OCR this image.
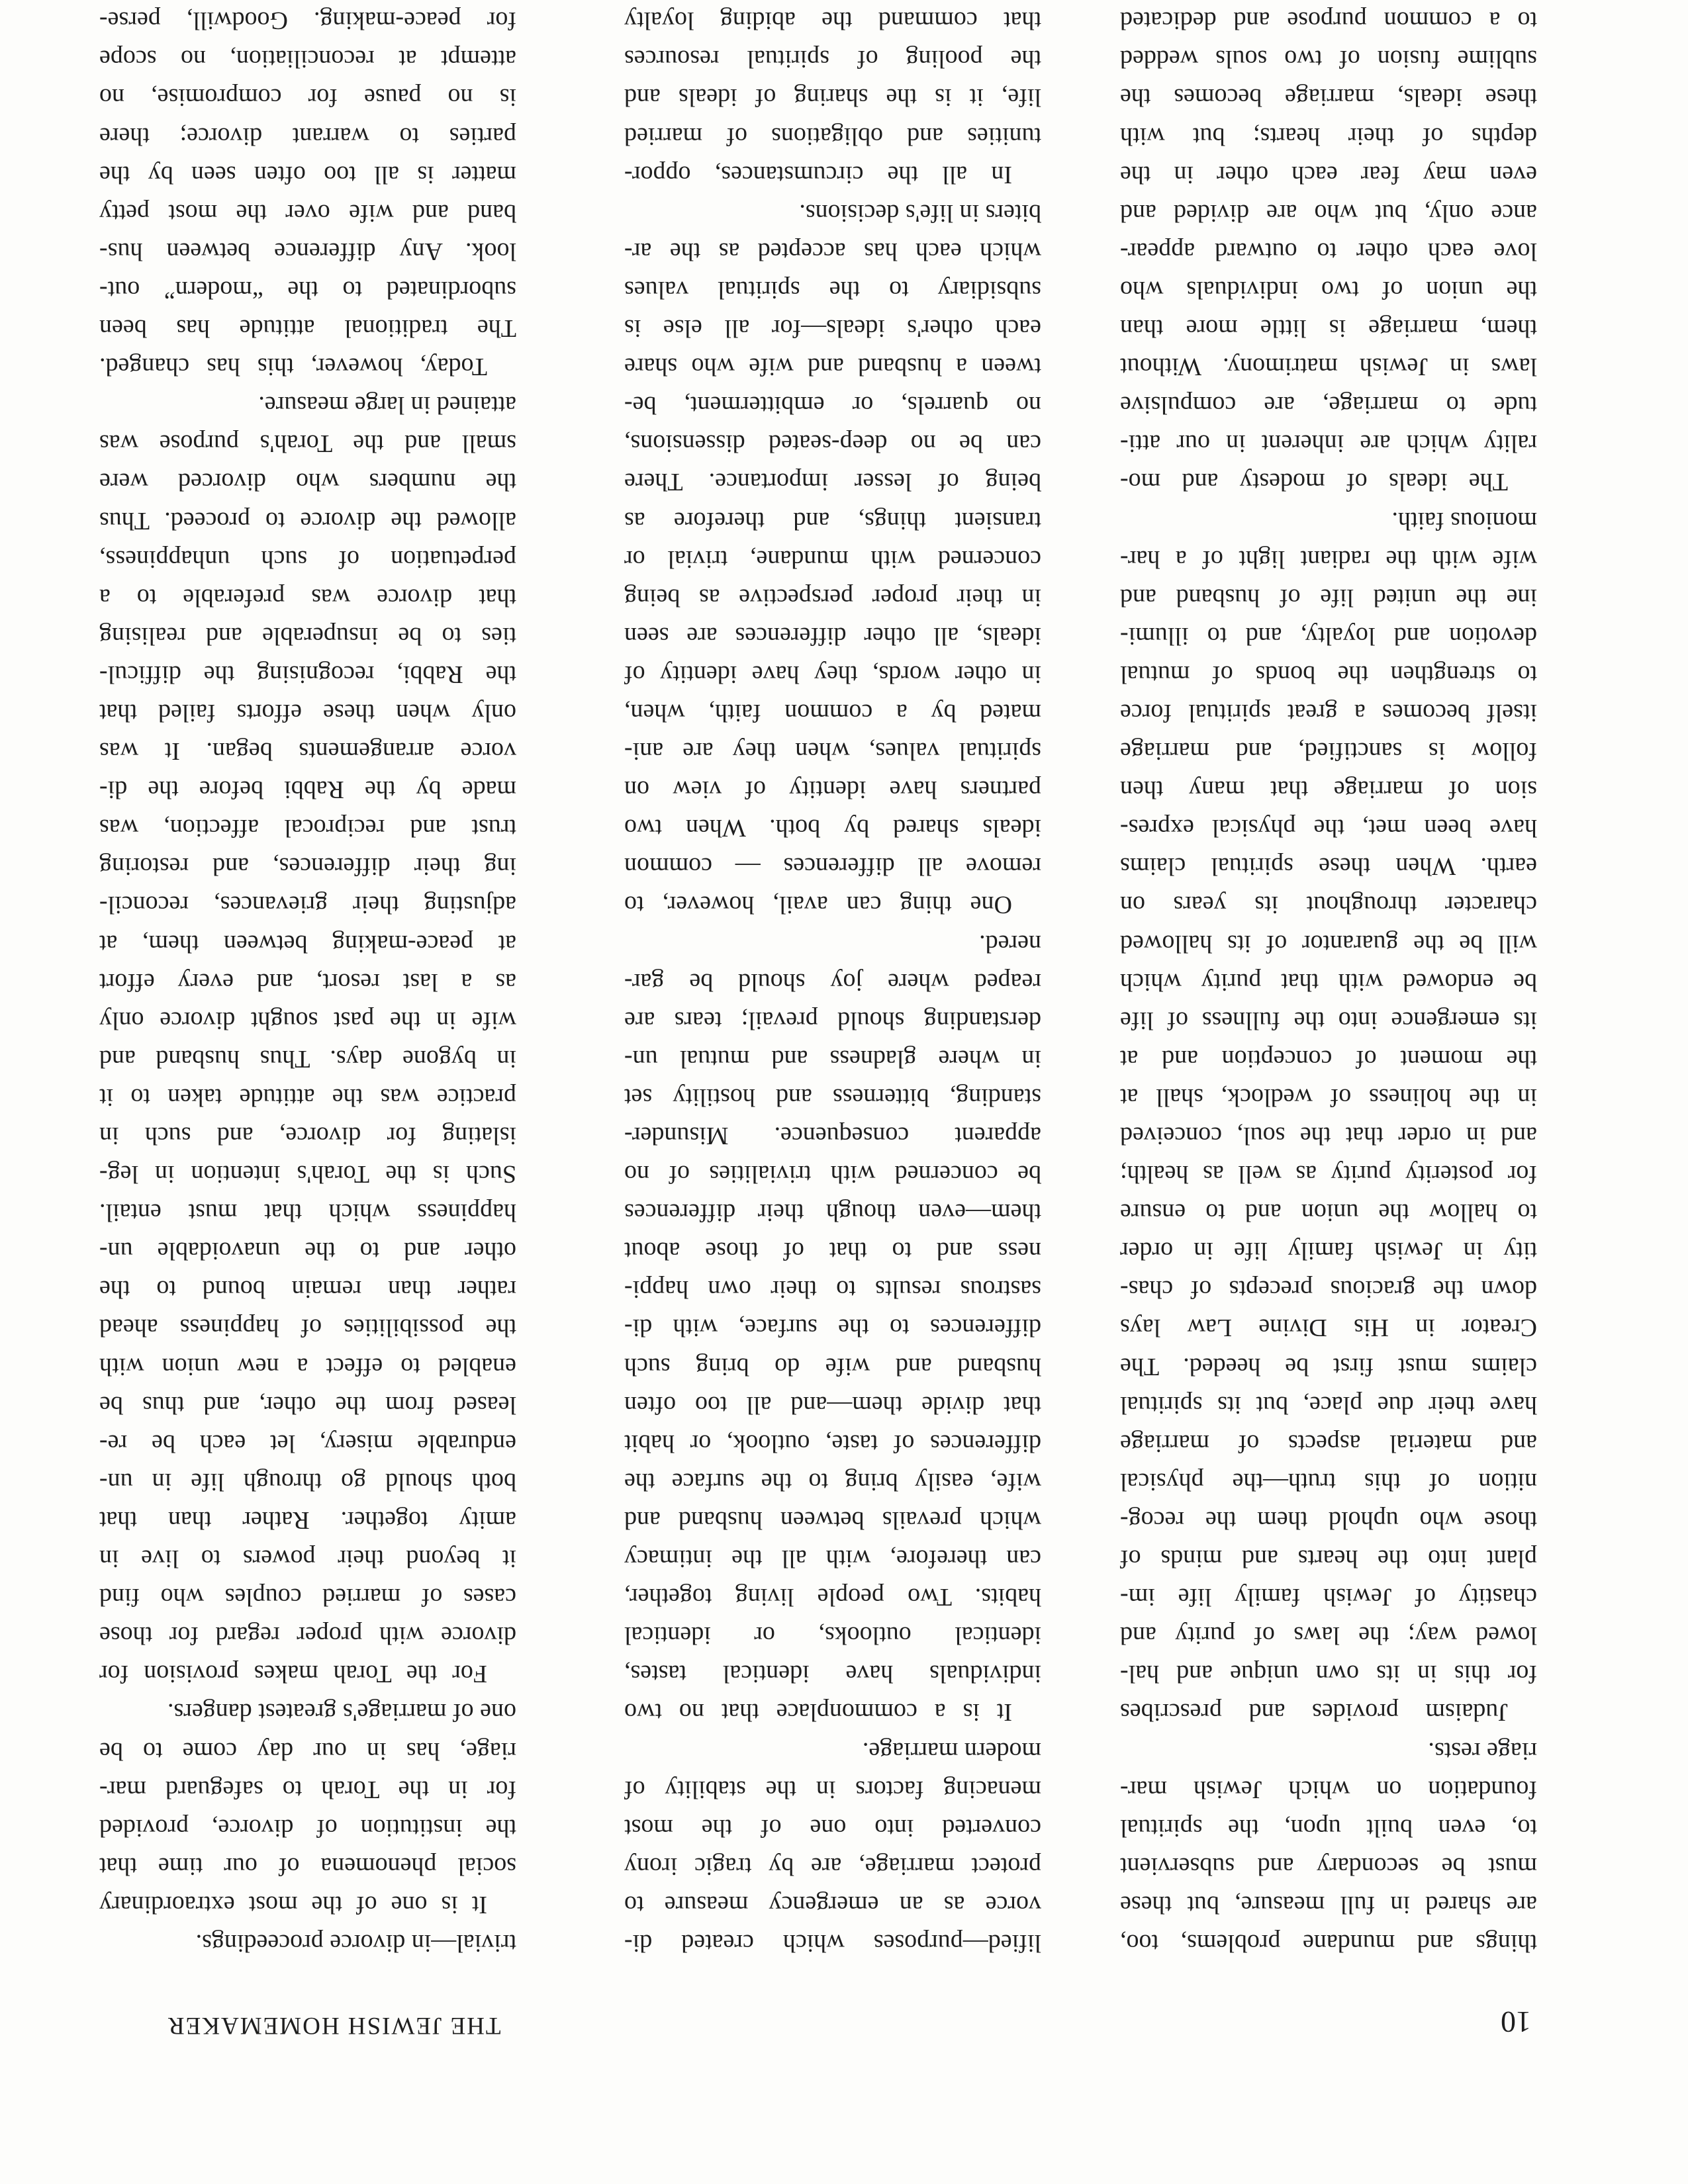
10
THE JEWISH HOMEMAKER
trivial—in divorce proceedings.
It is one of the most extraordinary
social phenomena of our time that
the institution of divorce, provided
for in the Torah to safeguard mar-
riage, has in our day come to be
one of marriage's greatest dangers.
For the Torah makes provision for
divorce with proper regard for those
cases of married couples who find
it beyond their powers to live in
amity together. Rather than that
both should go through life in un-
endurable misery, let each be re-
leased from the other, and thus be
enabled to effect a new union with
the possibilities of happiness ahead
rather than remain bound to the
other and to the unavoidable un-
happiness which that must entail.
Such is the Torah's intention in leg-
islating for divorce, and such in
practice was the attitude taken to it
in bygone days. Thus husband and
wife in the past sought divorce only
as a last resort, and every effort
at peace-making between them, at
adjusting their grievances, reconcil-
ing their differences, and restoring
trust and reciprocal affection, was
made by the Rabbi before the di-
vorce arrangements began. It was
only when these efforts failed that
the Rabbi, recognising the difficul-
ties to be insuperable and realising
that divorce was preferable to a
perpetuation of such unhappiness,
allowed the divorce to proceed. Thus
the numbers who divorced were
small and the Torah's purpose was
attained in large measure.
Today, however, this has changed.
The traditional attitude has been
subordinated to the “modern” out-
look. Any difference between hus-
band and wife over the most petty
matter is all too often seen by the
parties to warrant divorce; there
is no pause for compromise, no
attempt at reconciliation, no scope
for peace-making. Goodwill, perse-
lified—purposes which created di-
vorce as an emergency measure to
protect marriage, are by tragic irony
converted into one of the most
menacing factors in the stability of
modern marriage.
It is a commonplace that no two
individuals have identical tastes,
identical outlooks, or identical
habits. Two people living together,
can therefore, with all the intimacy
which prevails between husband and
wife, easily bring to the surface the
differences of taste, outlook, or habit
that divide them—and all too often
husband and wife do bring such
differences to the surface, with di-
sastrous results to their own happi-
ness and to that of those about
them—even though their differences
be concerned with trivialities of no
apparent consequence. Misunder-
standing, bitterness and hostility set
in where gladness and mutual un-
derstanding should prevail; tears are
reaped where joy should be gar-
nered.
One thing can avail, however, to
remove all differences — common
ideals shared by both. When two
partners have identity of view on
spiritual values, when they are ani-
mated by a common faith, when,
in other words, they have identity of
ideals, all other differences are seen
in their proper perspective as being
concerned with mundane, trivial or
transient things, and therefore as
being of lesser importance. There
can be no deep-seated dissensions,
no quarrels, or embitterment, be-
tween a husband and wife who share
each other's ideals—for all else is
subsidiary to the spiritual values
which each has accepted as the ar-
biters in life's decisions.
In all the circumstances, oppor-
tunities and obligations of married
life, it is the sharing of ideals and
the pooling of spiritual resources
that command the abiding loyalty
things and mundane problems, too,
are shared in full measure, but these
must be secondary and subservient
to, even built upon, the spiritual
foundation on which Jewish mar-
riage rests.
Judaism provides and prescribes
for this in its own unique and hal-
lowed way; the laws of purity and
chastity of Jewish family life im-
plant into the hearts and minds of
those who uphold them the recog-
nition of this truth—the physical
and material aspects of marriage
have their due place, but its spiritual
claims must first be heeded. The
Creator in His Divine Law lays
down the gracious precepts of chas-
tity in Jewish family life in order
to hallow the union and to ensure
for posterity purity as well as health;
and in order that the soul, conceived
in the holiness of wedlock, shall at
the moment of conception and at
its emergence into the fullness of life
be endowed with that purity which
will be the guarantor of its hallowed
character throughout its years on
earth. When these spiritual claims
have been met, the physical expres-
sion of marriage that many then
follow is sanctified, and marriage
itself becomes a great spiritual force
to strengthen the bonds of mutual
devotion and loyalty, and to illumi-
ine the united life of husband and
wife with the radiant light of a har-
monious faith.
The ideals of modesty and mo-
rality which are inherent in our atti-
tude to marriage, are compulsive
laws in Jewish matrimony. Without
them, marriage is little more than
the union of two individuals who
love each other to outward appear-
ance only, but who are divided and
even may fear each other in the
depths of their hearts; but with
these ideals, marriage becomes the
sublime fusion of two souls wedded
to a common purpose and dedicated
